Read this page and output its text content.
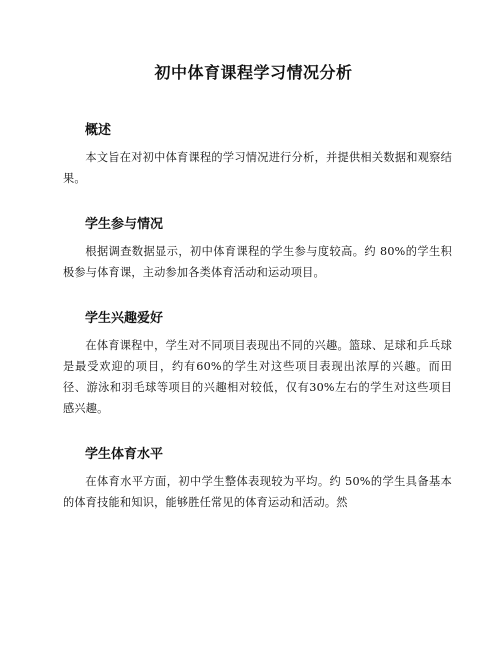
初中体育课程学习情况分析
概述

本文旨在对初中体育课程的学习情况进行分析，并提供相关数据和观察结果。

学生参与情况

根据调查数据显示，初中体育课程的学生参与度较高。约 80%的学生积极参与体育课，主动参加各类体育活动和运动项目。

学生兴趣爱好

在体育课程中，学生对不同项目表现出不同的兴趣。篮球、足球和乒乓球是最受欢迎的项目，约有60%的学生对这些项目表现出浓厚的兴趣。而田径、游泳和羽毛球等项目的兴趣相对较低，仅有30%左右的学生对这些项目感兴趣。

学生体育水平

在体育水平方面，初中学生整体表现较为平均。约 50%的学生具备基本的体育技能和知识，能够胜任常见的体育运动和活动。然
